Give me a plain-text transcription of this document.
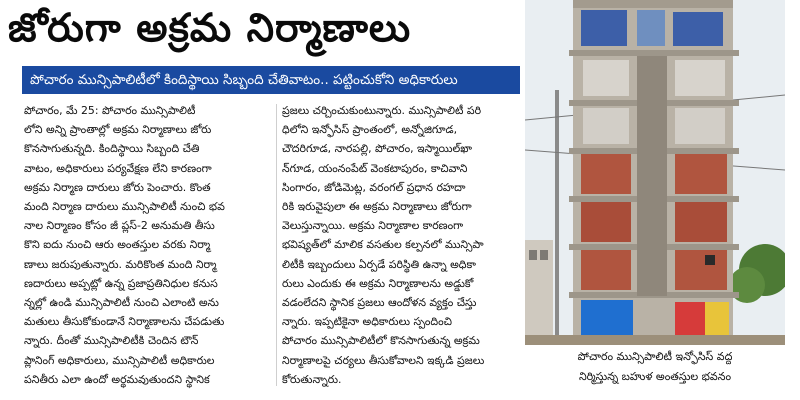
జోరుగా అక్రమ నిర్మాణాలు
పోచారం మున్సిపాలిటీలో కిందిస్థాయి సిబ్బంది చేతివాటం.. పట్టించుకోని అధికారులు
పోచారం, మే 25: పోచారం మున్సిపాలిటీ
లోని అన్ని ప్రాంతాల్లో అక్రమ నిర్మాణాలు జోరు
కొనసాగుతున్నది. కిందిస్థాయి సిబ్బంది చేతి
వాటం, అధికారులు పర్యవేక్షణ లేని కారణంగా
అక్రమ నిర్మాణ దారులు జోరు పెంచారు. కొంత
మంది నిర్మాణ దారులు మున్సిపాలిటీ నుంచి భవ
నాల నిర్మాణం కోసం జీ ప్లస్-2 అనుమతి తీసు
కొని ఐదు నుంచి ఆరు అంతస్తుల వరకు నిర్మా
ణాలు జరుపుతున్నారు. మరికొంత మంది నిర్మా
ణదారులు అప్పట్లో ఉన్న ప్రజాప్రతినిధుల కనుస
న్నల్లో ఉండి మున్సిపాలిటీ నుంచి ఎలాంటి అను
మతులు తీసుకోకుండానే నిర్మాణాలను చేపడుతు
న్నారు. దీంతో మున్సిపాలిటీకి చెందిన టౌన్
ప్లానింగ్ అధికారులు, మున్సిపాలిటీ అధికారుల
పనితీరు ఎలా ఉందో అర్థమవుతుందని స్థానిక
ప్రజలు చర్చించుకుంటున్నారు. మున్సిపాలిటీ పరి
ధిలోని ఇన్ఫోసిస్ ప్రాంతంలో, అన్నోజిగూడ,
చౌదరిగూడ, నారపల్లి, పోచారం, ఇస్మాయిల్‌ఖా
న్‌గూడ, యంనంపేట్ వెంకటాపురం, కాచివాని
సింగారం, జోడిమెట్ల, వరంగల్ ప్రధాన రహదా
రికి ఇరువైపులా ఈ అక్రమ నిర్మాణాలు జోరుగా
వెలుస్తున్నాయి. అక్రమ నిర్మాణాల కారణంగా
భవిష్యత్‌లో మాలిక వసతుల కల్పనలో మున్సిపా
లిటీకి ఇబ్బందులు ఏర్పడే పరిస్థితి ఉన్నా అధికా
రులు ఎందుకు ఈ అక్రమ నిర్మాణాలను అడ్డుకో
వడంలేదని స్థానిక ప్రజలు ఆందోళన వ్యక్తం చేస్తు
న్నారు. ఇప్పటికైనా అధికారులు స్పందించి
పోచారం మున్సిపాలిటీలో కొనసాగుతున్న అక్రమ
నిర్మాణాలపై చర్యలు తీసుకోవాలని ఇక్కడి ప్రజలు
కోరుతున్నారు.
పోచారం మున్సిపాలిటీ ఇన్ఫోసిస్ వద్ద
నిర్మిస్తున్న బహుళ అంతస్తుల భవనం
